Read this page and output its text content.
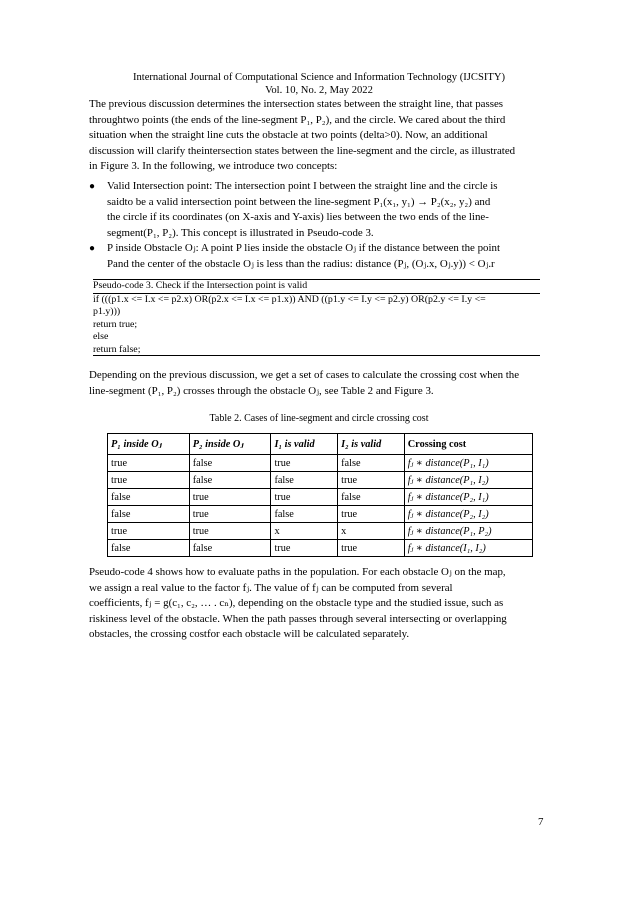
International Journal of Computational Science and Information Technology (IJCSITY)
Vol. 10, No. 2, May 2022
The previous discussion determines the intersection states between the straight line, that passes
throughtwo points (the ends of the line-segment P₁, P₂), and the circle. We cared about the third
situation when the straight line cuts the obstacle at two points (delta>0). Now, an additional
discussion will clarify theintersection states between the line-segment and the circle, as illustrated
in Figure 3. In the following, we introduce two concepts:
● Valid Intersection point: The intersection point I between the straight line and the circle is
saidto be a valid intersection point between the line-segment P₁(x₁, y₁) → P₂(x₂, y₂) and
the circle if its coordinates (on X-axis and Y-axis) lies between the two ends of the line-
segment(P₁, P₂). This concept is illustrated in Pseudo-code 3.
● P inside Obstacle Oⱼ: A point P lies inside the obstacle Oⱼ if the distance between the point
Pand the center of the obstacle Oⱼ is less than the radius: distance (Pⱼ, (Oⱼ.x, Oⱼ.y)) < Oⱼ.r
Pseudo-code 3. Check if the Intersection point is valid
if (((p1.x <= I.x <= p2.x) OR(p2.x <= I.x <= p1.x)) AND ((p1.y <= I.y <= p2.y) OR(p2.y <= I.y <=
p1.y)))
return true;
else
return false;
Depending on the previous discussion, we get a set of cases to calculate the crossing cost when the
line-segment (P₁, P₂) crosses through the obstacle Oⱼ, see Table 2 and Figure 3.
Table 2. Cases of line-segment and circle crossing cost
P₁ inside Oⱼ	P₂ inside Oⱼ	I₁ is valid	I₂ is valid	Crossing cost
true	false	true	false	fⱼ ∗ distance(P₁, I₁)
true	false	false	true	fⱼ ∗ distance(P₁, I₂)
false	true	true	false	fⱼ ∗ distance(P₂, I₁)
false	true	false	true	fⱼ ∗ distance(P₂, I₂)
true	true	x	x	fⱼ ∗ distance(P₁, P₂)
false	false	true	true	fⱼ ∗ distance(I₁, I₂)
Pseudo-code 4 shows how to evaluate paths in the population. For each obstacle Oⱼ on the map,
we assign a real value to the factor fⱼ. The value of fⱼ can be computed from several
coefficients, fⱼ = g(c₁, c₂, … . cₙ), depending on the obstacle type and the studied issue, such as
riskiness level of the obstacle. When the path passes through several intersecting or overlapping
obstacles, the crossing costfor each obstacle will be calculated separately.
7
